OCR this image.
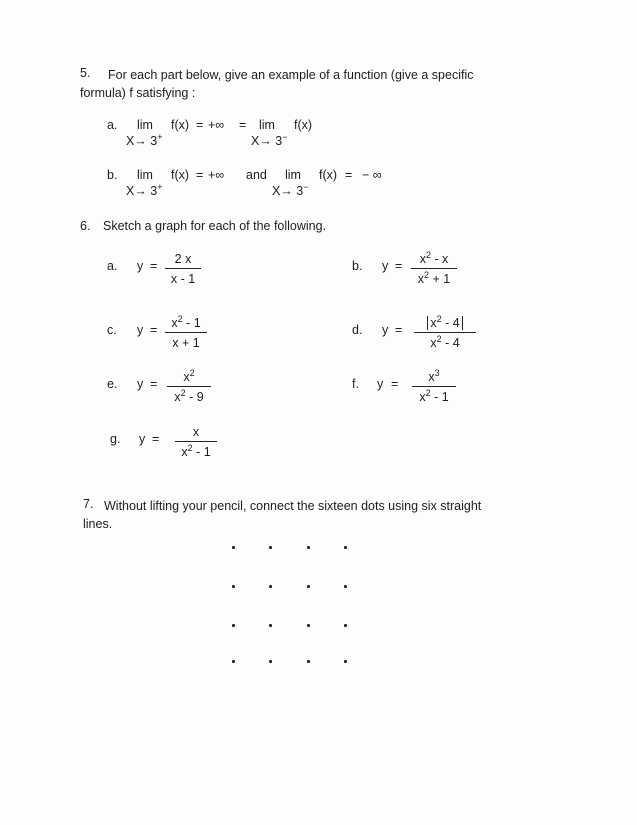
5.	For each part below, give an example of a function (give a specific formula) f satisfying :
a. lim
X→ 3+
f(x) = +∞ = lim
X→ 3−
f(x)
b. lim
X→ 3+
f(x) = +∞ and lim
X→ 3−
f(x) = − ∞
6. Sketch a graph for each of the following.
a. $y = \frac{2 x}{x - 1}$	b. $y = \frac{x^2 - x}{x^2 + 1}$
c. $y = \frac{x^2 - 1}{x + 1}$	d. $y = \frac{x^2 - 4}{x^2 - 4}$
e. $y = \frac{x^2}{x^2 - 9}$	f. $y = \frac{x^3}{x^2 - 1}$
g. $y = \frac{x}{x^2 - 1}$
7. Without lifting your pencil, connect the sixteen dots using six straight lines.
